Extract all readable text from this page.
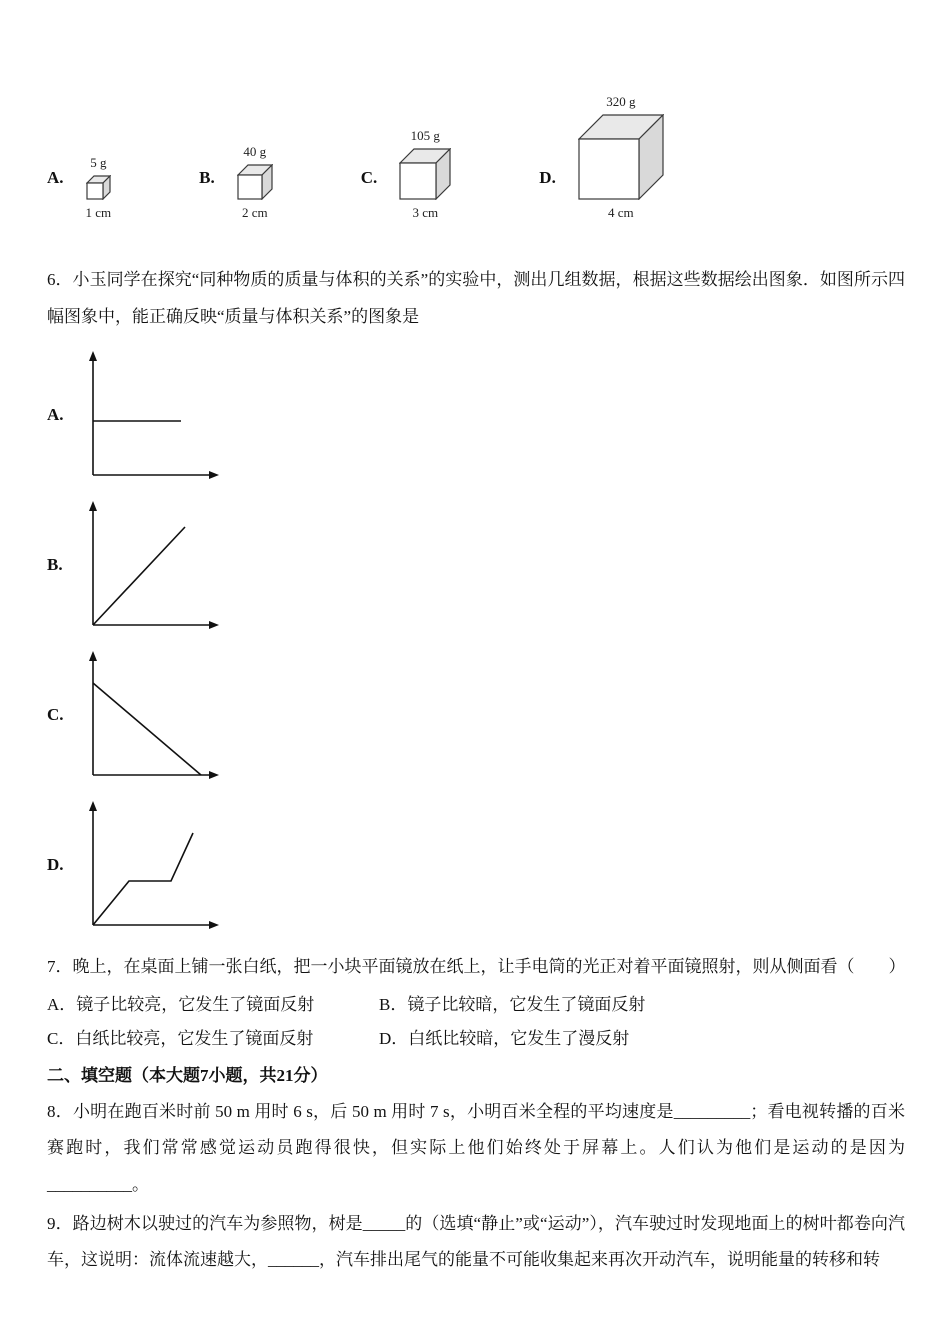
A.
5 g
1 cm
B.
40 g
2 cm
C.
105 g
3 cm
D.
320 g
4 cm

6．小玉同学在探究“同种物质的质量与体积的关系”的实验中，测出几组数据，根据这些数据绘出图象．如图所示四幅图象中，能正确反映“质量与体积关系”的图象是

A.
B.
C.
D.

7．晚上，在桌面上铺一张白纸，把一小块平面镜放在纸上，让手电筒的光正对着平面镜照射，则从侧面看（　　）

A．镜子比较亮，它发生了镜面反射	B．镜子比较暗，它发生了镜面反射
C．白纸比较亮，它发生了镜面反射	D．白纸比较暗，它发生了漫反射

二、填空题（本大题7小题，共21分）

8．小明在跑百米时前 50 m 用时 6 s，后 50 m 用时 7 s，小明百米全程的平均速度是_________；看电视转播的百米赛跑时，我们常常感觉运动员跑得很快，但实际上他们始终处于屏幕上。人们认为他们是运动的是因为__________。

9．路边树木以驶过的汽车为参照物，树是_____的（选填“静止”或“运动”），汽车驶过时发现地面上的树叶都卷向汽车，这说明：流体流速越大，______，汽车排出尾气的能量不可能收集起来再次开动汽车，说明能量的转移和转
